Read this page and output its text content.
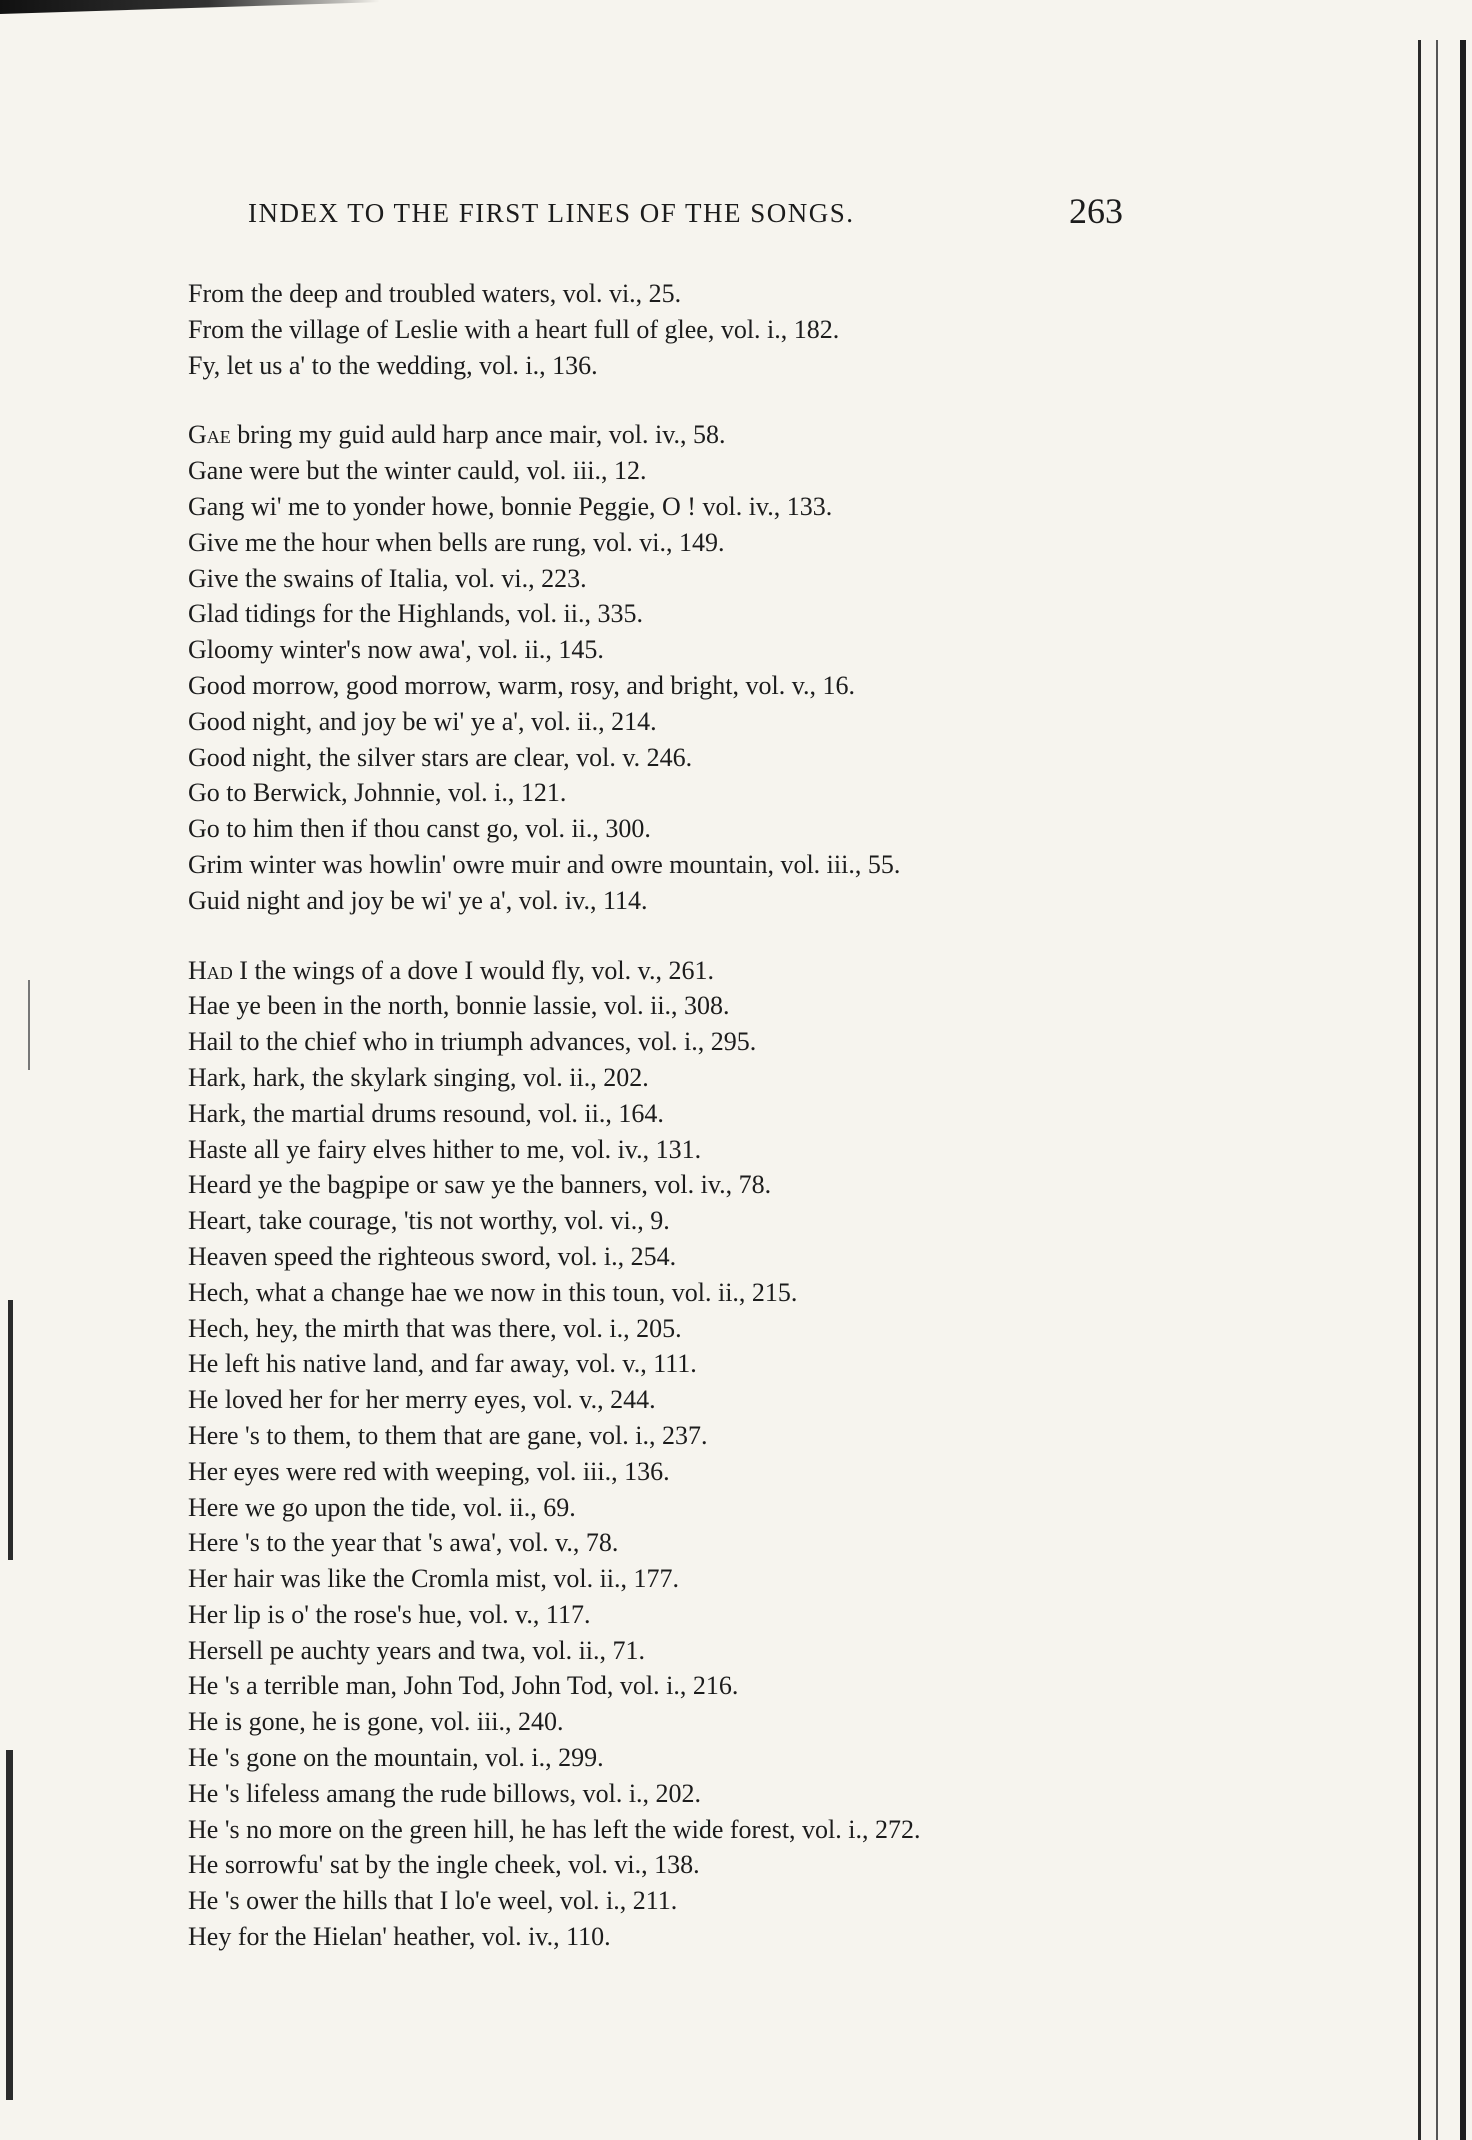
INDEX TO THE FIRST LINES OF THE SONGS.	263
From the deep and troubled waters, vol. vi., 25.
From the village of Leslie with a heart full of glee, vol. i., 182.
Fy, let us a' to the wedding, vol. i., 136.
Gae bring my guid auld harp ance mair, vol. iv., 58.
Gane were but the winter cauld, vol. iii., 12.
Gang wi' me to yonder howe, bonnie Peggie, O ! vol. iv., 133.
Give me the hour when bells are rung, vol. vi., 149.
Give the swains of Italia, vol. vi., 223.
Glad tidings for the Highlands, vol. ii., 335.
Gloomy winter's now awa', vol. ii., 145.
Good morrow, good morrow, warm, rosy, and bright, vol. v., 16.
Good night, and joy be wi' ye a', vol. ii., 214.
Good night, the silver stars are clear, vol. v. 246.
Go to Berwick, Johnnie, vol. i., 121.
Go to him then if thou canst go, vol. ii., 300.
Grim winter was howlin' owre muir and owre mountain, vol. iii., 55.
Guid night and joy be wi' ye a', vol. iv., 114.
Had I the wings of a dove I would fly, vol. v., 261.
Hae ye been in the north, bonnie lassie, vol. ii., 308.
Hail to the chief who in triumph advances, vol. i., 295.
Hark, hark, the skylark singing, vol. ii., 202.
Hark, the martial drums resound, vol. ii., 164.
Haste all ye fairy elves hither to me, vol. iv., 131.
Heard ye the bagpipe or saw ye the banners, vol. iv., 78.
Heart, take courage, 'tis not worthy, vol. vi., 9.
Heaven speed the righteous sword, vol. i., 254.
Hech, what a change hae we now in this toun, vol. ii., 215.
Hech, hey, the mirth that was there, vol. i., 205.
He left his native land, and far away, vol. v., 111.
He loved her for her merry eyes, vol. v., 244.
Here 's to them, to them that are gane, vol. i., 237.
Her eyes were red with weeping, vol. iii., 136.
Here we go upon the tide, vol. ii., 69.
Here 's to the year that 's awa', vol. v., 78.
Her hair was like the Cromla mist, vol. ii., 177.
Her lip is o' the rose's hue, vol. v., 117.
Hersell pe auchty years and twa, vol. ii., 71.
He 's a terrible man, John Tod, John Tod, vol. i., 216.
He is gone, he is gone, vol. iii., 240.
He 's gone on the mountain, vol. i., 299.
He 's lifeless amang the rude billows, vol. i., 202.
He 's no more on the green hill, he has left the wide forest, vol. i., 272.
He sorrowfu' sat by the ingle cheek, vol. vi., 138.
He 's ower the hills that I lo'e weel, vol. i., 211.
Hey for the Hielan' heather, vol. iv., 110.
